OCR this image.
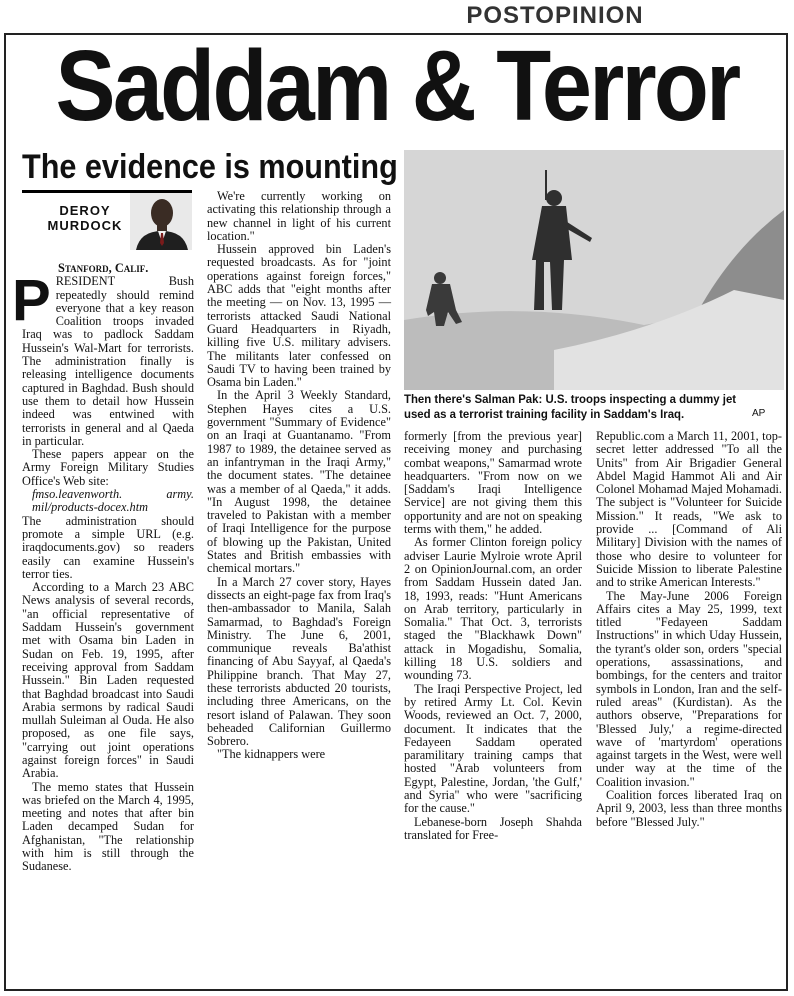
POSTOPINION
Saddam & Terror
The evidence is mounting
DEROY
MURDOCK

Stanford, Calif.

PRESIDENT Bush repeatedly should remind everyone that a key reason Coalition troops invaded Iraq was to padlock Saddam Hussein's Wal-Mart for terrorists. The administration finally is releasing intelligence documents captured in Baghdad. Bush should use them to detail how Hussein indeed was entwined with terrorists in general and al Qaeda in particular.

These papers appear on the Army Foreign Military Studies Office's Web site:

fmso.leavenworth. army. mil/products-docex.htm

The administration should promote a simple URL (e.g. iraqdocuments.gov) so readers easily can examine Hussein's terror ties.

According to a March 23 ABC News analysis of several records, "an official representative of Saddam Hussein's government met with Osama bin Laden in Sudan on Feb. 19, 1995, after receiving approval from Saddam Hussein." Bin Laden requested that Baghdad broadcast into Saudi Arabia sermons by radical Saudi mullah Suleiman al Ouda. He also proposed, as one file says, "carrying out joint operations against foreign forces" in Saudi Arabia.

The memo states that Hussein was briefed on the March 4, 1995, meeting and notes that after bin Laden decamped Sudan for Afghanistan, "The relationship with him is still through the Sudanese.

We're currently working on activating this relationship through a new channel in light of his current location."

Hussein approved bin Laden's requested broadcasts. As for "joint operations against foreign forces," ABC adds that "eight months after the meeting — on Nov. 13, 1995 — terrorists attacked Saudi National Guard Headquarters in Riyadh, killing five U.S. military advisers. The militants later confessed on Saudi TV to having been trained by Osama bin Laden."

In the April 3 Weekly Standard, Stephen Hayes cites a U.S. government "Summary of Evidence" on an Iraqi at Guantanamo. "From 1987 to 1989, the detainee served as an infantryman in the Iraqi Army," the document states. "The detainee was a member of al Qaeda," it adds. "In August 1998, the detainee traveled to Pakistan with a member of Iraqi Intelligence for the purpose of blowing up the Pakistan, United States and British embassies with chemical mortars."

In a March 27 cover story, Hayes dissects an eight-page fax from Iraq's then-ambassador to Manila, Salah Samarmad, to Baghdad's Foreign Ministry. The June 6, 2001, communique reveals Ba'athist financing of Abu Sayyaf, al Qaeda's Philippine branch. That May 27, these terrorists abducted 20 tourists, including three Americans, on the resort island of Palawan. They soon beheaded Californian Guillermo Sobrero.

"The kidnappers were

Then there's Salman Pak: U.S. troops inspecting a dummy jet used as a terrorist training facility in Saddam's Iraq.	AP

formerly [from the previous year] receiving money and purchasing combat weapons," Samarmad wrote headquarters. "From now on we [Saddam's Iraqi Intelligence Service] are not giving them this opportunity and are not on speaking terms with them," he added.

As former Clinton foreign policy adviser Laurie Mylroie wrote April 2 on OpinionJournal.com, an order from Saddam Hussein dated Jan. 18, 1993, reads: "Hunt Americans on Arab territory, particularly in Somalia." That Oct. 3, terrorists staged the "Blackhawk Down" attack in Mogadishu, Somalia, killing 18 U.S. soldiers and wounding 73.

The Iraqi Perspective Project, led by retired Army Lt. Col. Kevin Woods, reviewed an Oct. 7, 2000, document. It indicates that the Fedayeen Saddam operated paramilitary training camps that hosted "Arab volunteers from Egypt, Palestine, Jordan, 'the Gulf,' and Syria" who were "sacrificing for the cause."

Lebanese-born Joseph Shahda translated for Free-

Republic.com a March 11, 2001, top-secret letter addressed "To all the Units" from Air Brigadier General Abdel Magid Hammot Ali and Air Colonel Mohamad Majed Mohamadi. The subject is "Volunteer for Suicide Mission." It reads, "We ask to provide ... [Command of Ali Military] Division with the names of those who desire to volunteer for Suicide Mission to liberate Palestine and to strike American Interests."

The May-June 2006 Foreign Affairs cites a May 25, 1999, text titled "Fedayeen Saddam Instructions" in which Uday Hussein, the tyrant's older son, orders "special operations, assassinations, and bombings, for the centers and traitor symbols in London, Iran and the self-ruled areas" (Kurdistan). As the authors observe, "Preparations for 'Blessed July,' a regime-directed wave of 'martyrdom' operations against targets in the West, were well under way at the time of the Coalition invasion."

Coalition forces liberated Iraq on April 9, 2003, less than three months before "Blessed July."
